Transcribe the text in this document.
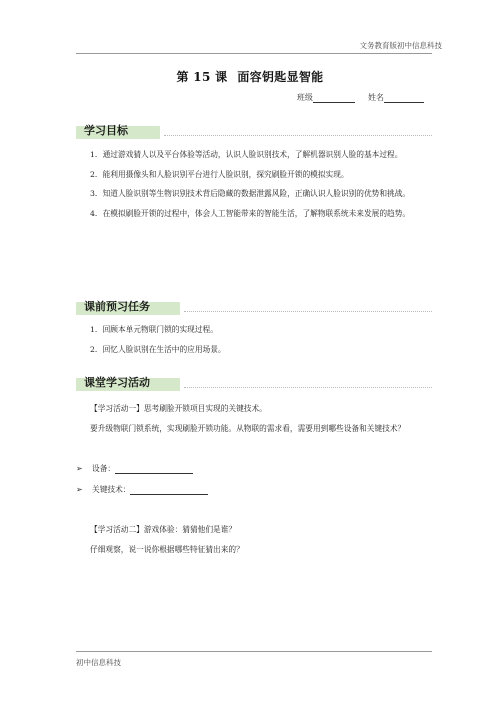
文务教育版初中信息科技
第 15 课 面容钥匙显智能
班级	姓名
学习目标

1．通过游戏猜人以及平台体验等活动，认识人脸识别技术，了解机器识别人脸的基本过程。

2．能利用摄像头和人脸识别平台进行人脸识别，探究刷脸开锁的模拟实现。

3．知道人脸识别等生物识别技术背后隐藏的数据泄露风险，正确认识人脸识别的优势和挑战。

4．在模拟刷脸开锁的过程中，体会人工智能带来的智能生活，了解物联系统未来发展的趋势。

课前预习任务

1．回顾本单元物联门锁的实现过程。

2．回忆人脸识别在生活中的应用场景。

课堂学习活动

【学习活动一】思考刷脸开锁项目实现的关键技术。

要升级物联门锁系统，实现刷脸开锁功能。从物联的需求看，需要用到哪些设备和关键技术？

➢ 设备：
➢ 关键技术：

【学习活动二】游戏体验：猜猜他们是谁？

仔细观察，说一说你根据哪些特征猜出来的？

初中信息科技
